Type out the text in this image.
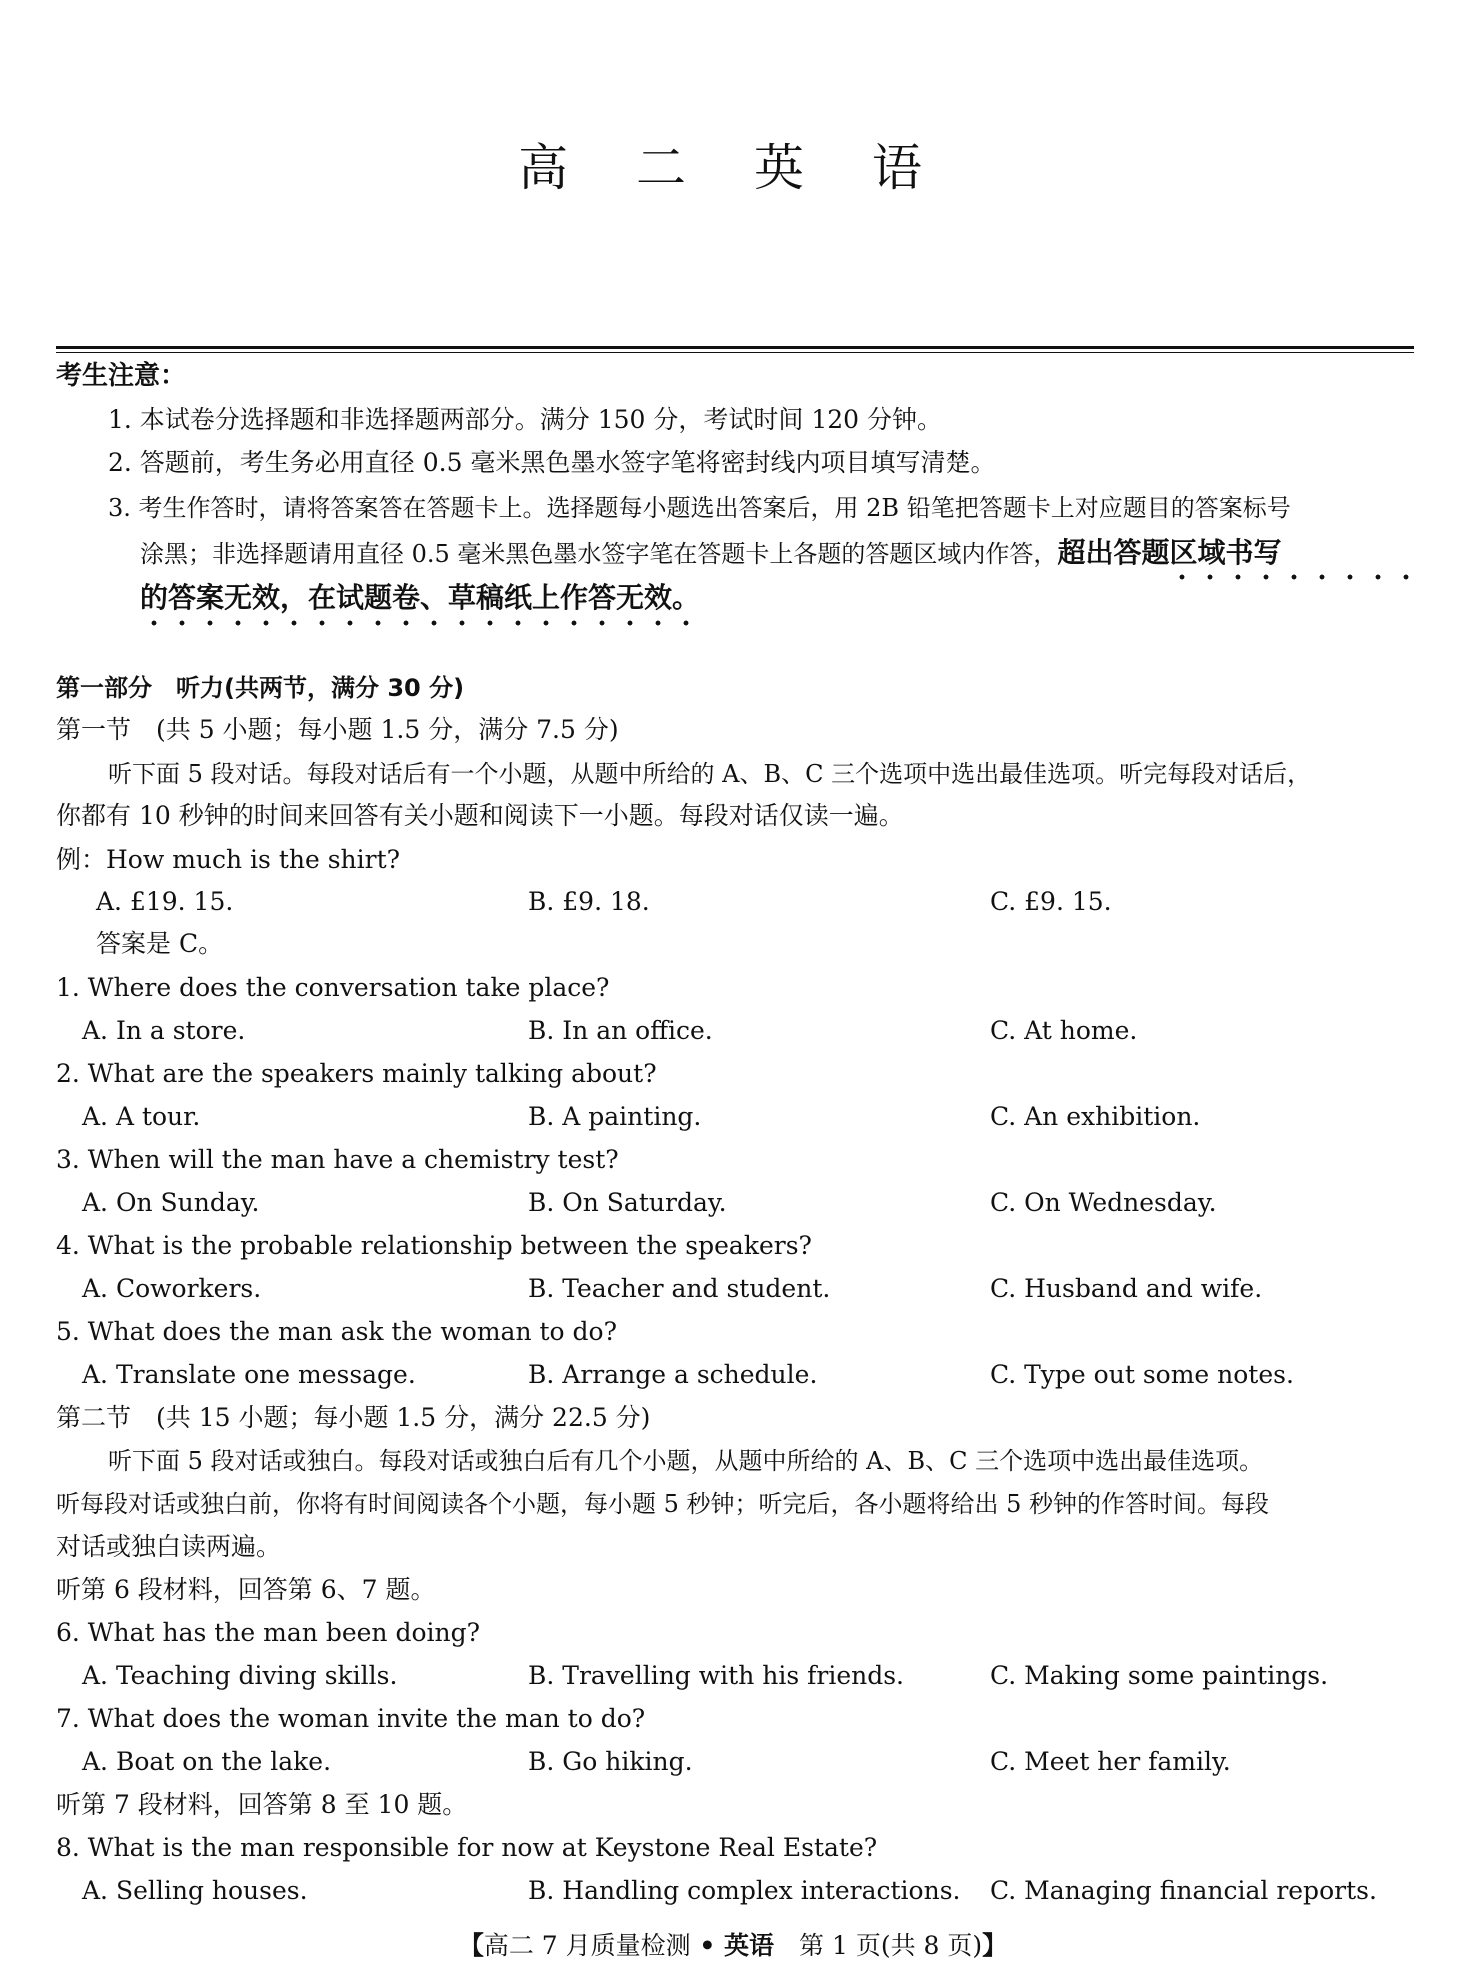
高 二 英 语
考生注意：
1. 本试卷分选择题和非选择题两部分。满分 150 分，考试时间 120 分钟。
2. 答题前，考生务必用直径 0.5 毫米黑色墨水签字笔将密封线内项目填写清楚。
3. 考生作答时，请将答案答在答题卡上。选择题每小题选出答案后，用 2B 铅笔把答题卡上对应题目的答案标号
涂黑；非选择题请用直径 0.5 毫米黑色墨水签字笔在答题卡上各题的答题区域内作答，超出答题区域书写
的答案无效，在试题卷、草稿纸上作答无效。
第一部分　听力(共两节，满分 30 分)
第一节　(共 5 小题；每小题 1.5 分，满分 7.5 分)
听下面 5 段对话。每段对话后有一个小题，从题中所给的 A、B、C 三个选项中选出最佳选项。听完每段对话后，
你都有 10 秒钟的时间来回答有关小题和阅读下一小题。每段对话仅读一遍。
例：How much is the shirt?
A. £19. 15.	B. £9. 18.	C. £9. 15.
答案是 C。
1. Where does the conversation take place?
A. In a store.	B. In an office.	C. At home.
2. What are the speakers mainly talking about?
A. A tour.	B. A painting.	C. An exhibition.
3. When will the man have a chemistry test?
A. On Sunday.	B. On Saturday.	C. On Wednesday.
4. What is the probable relationship between the speakers?
A. Coworkers.	B. Teacher and student.	C. Husband and wife.
5. What does the man ask the woman to do?
A. Translate one message.	B. Arrange a schedule.	C. Type out some notes.
第二节　(共 15 小题；每小题 1.5 分，满分 22.5 分)
听下面 5 段对话或独白。每段对话或独白后有几个小题，从题中所给的 A、B、C 三个选项中选出最佳选项。
听每段对话或独白前，你将有时间阅读各个小题，每小题 5 秒钟；听完后，各小题将给出 5 秒钟的作答时间。每段
对话或独白读两遍。
听第 6 段材料，回答第 6、7 题。
6. What has the man been doing?
A. Teaching diving skills.	B. Travelling with his friends.	C. Making some paintings.
7. What does the woman invite the man to do?
A. Boat on the lake.	B. Go hiking.	C. Meet her family.
听第 7 段材料，回答第 8 至 10 题。
8. What is the man responsible for now at Keystone Real Estate?
A. Selling houses.	B. Handling complex interactions. C. Managing financial reports.
【高二 7 月质量检测 • 英语　第 1 页(共 8 页)】
